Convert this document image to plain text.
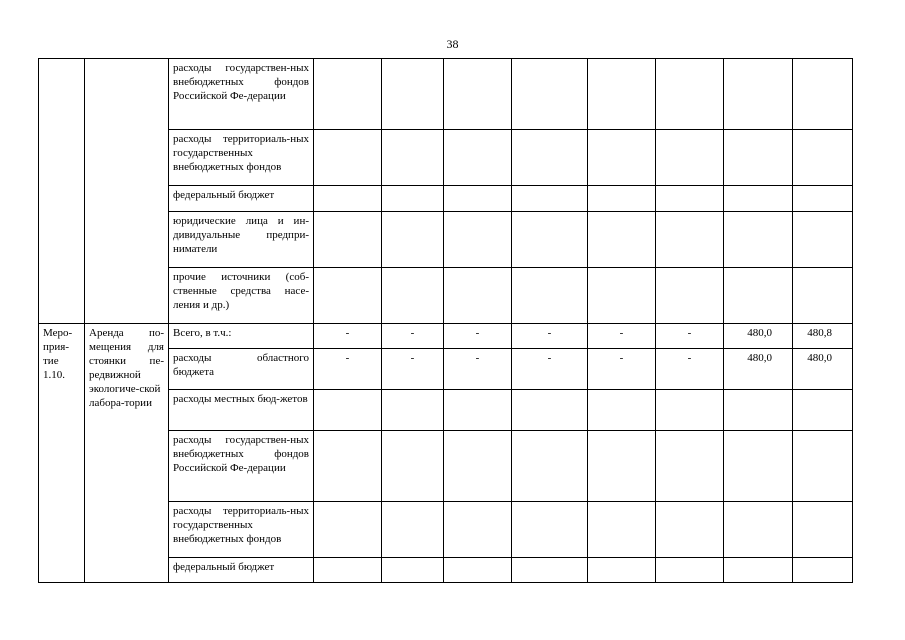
38
		расходы государствен-ных внебюджетных фондов Российской Фе-дерации								
		расходы территориаль-ных государственных внебюджетных фондов								
		федеральный бюджет								
		юридические лица и ин-дивидуальные предпри-ниматели								
		прочие источники (соб-ственные средства насе-ления и др.)								
Меро-прия-тие 1.10.	Аренда по-мещения для стоянки пе-редвижной экологиче-ской лабора-тории	Всего, в т.ч.:	-	-	-	-	-	-	480,0	480,8
		расходы областного бюджета	-	-	-	-	-	-	480,0	480,0
		расходы местных бюд-жетов								
		расходы государствен-ных внебюджетных фондов Российской Фе-дерации								
		расходы территориаль-ных государственных внебюджетных фондов								
		федеральный бюджет								
